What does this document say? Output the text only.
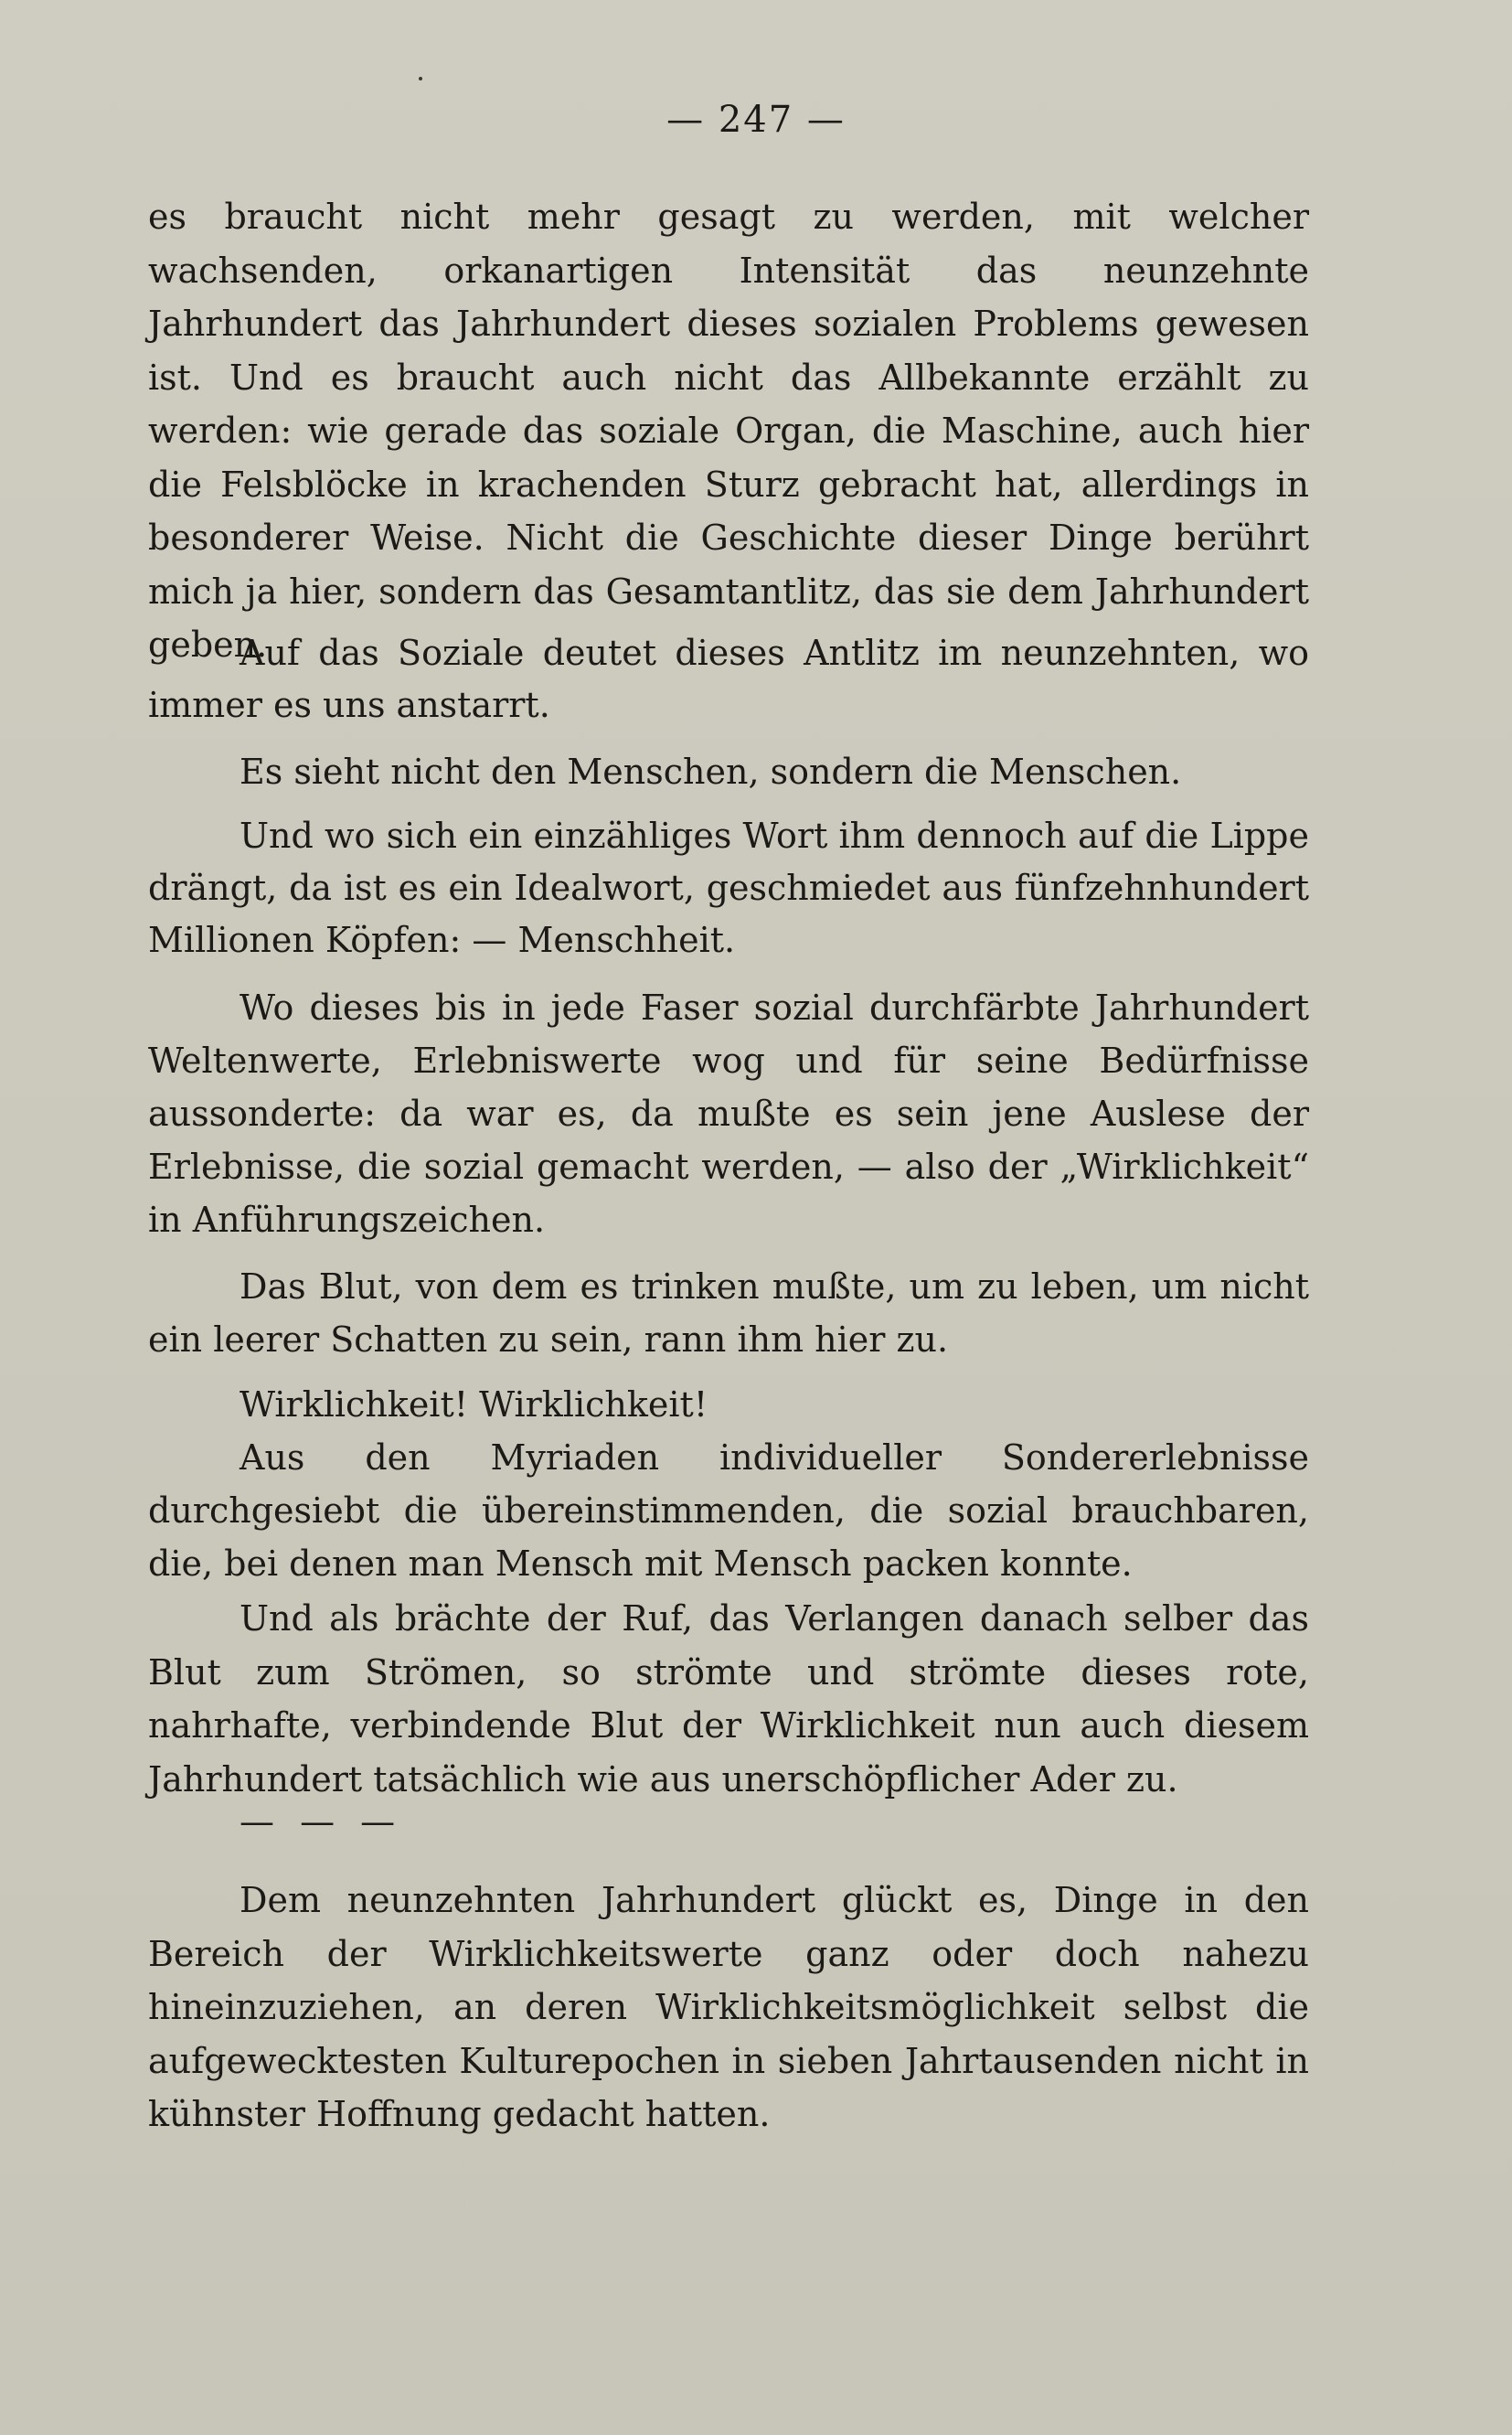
— 247 —

es braucht nicht mehr gesagt zu werden, mit welcher wachsenden, orkanartigen Intensität das neunzehnte Jahrhundert das Jahrhundert dieses sozialen Problems gewesen ist. Und es braucht auch nicht das Allbekannte erzählt zu werden: wie gerade das soziale Organ, die Maschine, auch hier die Felsblöcke in krachenden Sturz gebracht hat, allerdings in besonderer Weise. Nicht die Geschichte dieser Dinge berührt mich ja hier, sondern das Gesamtantlitz, das sie dem Jahrhundert geben.

Auf das Soziale deutet dieses Antlitz im neunzehnten, wo immer es uns anstarrt.

Es sieht nicht den Menschen, sondern die Menschen.

Und wo sich ein einzähliges Wort ihm dennoch auf die Lippe drängt, da ist es ein Idealwort, geschmiedet aus fünfzehnhundert Millionen Köpfen: — Menschheit.

Wo dieses bis in jede Faser sozial durchfärbte Jahrhundert Weltenwerte, Erlebniswerte wog und für seine Bedürfnisse aussonderte: da war es, da mußte es sein jene Auslese der Erlebnisse, die sozial gemacht werden, — also der „Wirklichkeit“ in Anführungszeichen.

Das Blut, von dem es trinken mußte, um zu leben, um nicht ein leerer Schatten zu sein, rann ihm hier zu.

Wirklichkeit! Wirklichkeit!

Aus den Myriaden individueller Sondererlebnisse durchgesiebt die übereinstimmenden, die sozial brauchbaren, die, bei denen man Mensch mit Mensch packen konnte.

Und als brächte der Ruf, das Verlangen danach selber das Blut zum Strömen, so strömte und strömte dieses rote, nahrhafte, verbindende Blut der Wirklichkeit nun auch diesem Jahrhundert tatsächlich wie aus unerschöpflicher Ader zu.

— — —

Dem neunzehnten Jahrhundert glückt es, Dinge in den Bereich der Wirklichkeitswerte ganz oder doch nahezu hineinzuziehen, an deren Wirklichkeitsmöglichkeit selbst die aufgewecktesten Kulturepochen in sieben Jahrtausenden nicht in kühnster Hoffnung gedacht hatten.
